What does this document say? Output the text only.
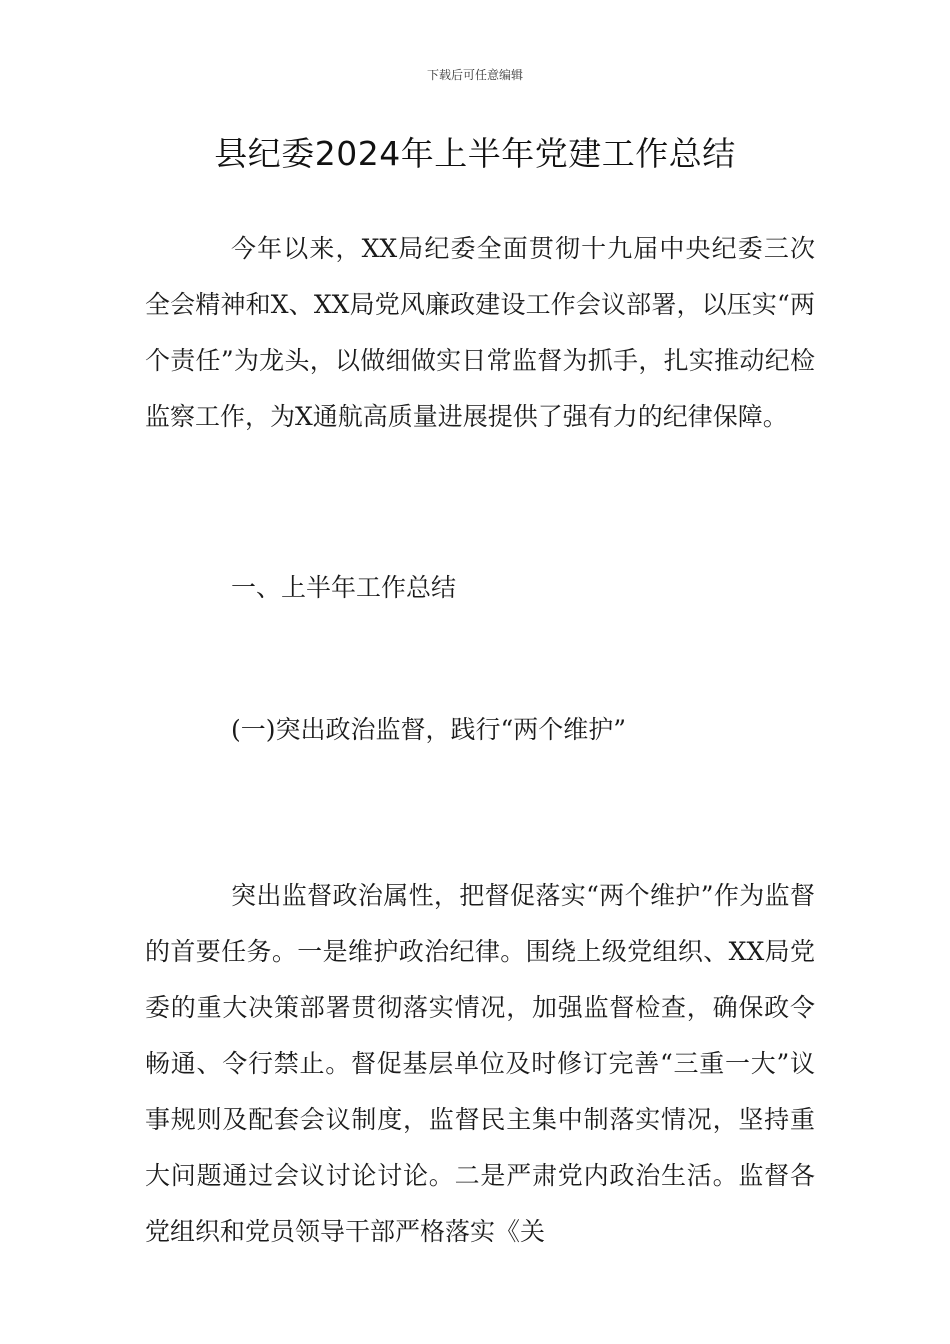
下载后可任意编辑
县纪委2024年上半年党建工作总结

今年以来，XX局纪委全面贯彻十九届中央纪委三次全会精神和X、XX局党风廉政建设工作会议部署，以压实“两个责任”为龙头，以做细做实日常监督为抓手，扎实推动纪检监察工作，为X通航高质量进展提供了强有力的纪律保障。

一、上半年工作总结

(一)突出政治监督，践行“两个维护”

突出监督政治属性，把督促落实“两个维护”作为监督的首要任务。一是维护政治纪律。围绕上级党组织、XX局党委的重大决策部署贯彻落实情况，加强监督检查，确保政令畅通、令行禁止。督促基层单位及时修订完善“三重一大”议事规则及配套会议制度，监督民主集中制落实情况，坚持重大问题通过会议讨论讨论。二是严肃党内政治生活。监督各党组织和党员领导干部严格落实《关
